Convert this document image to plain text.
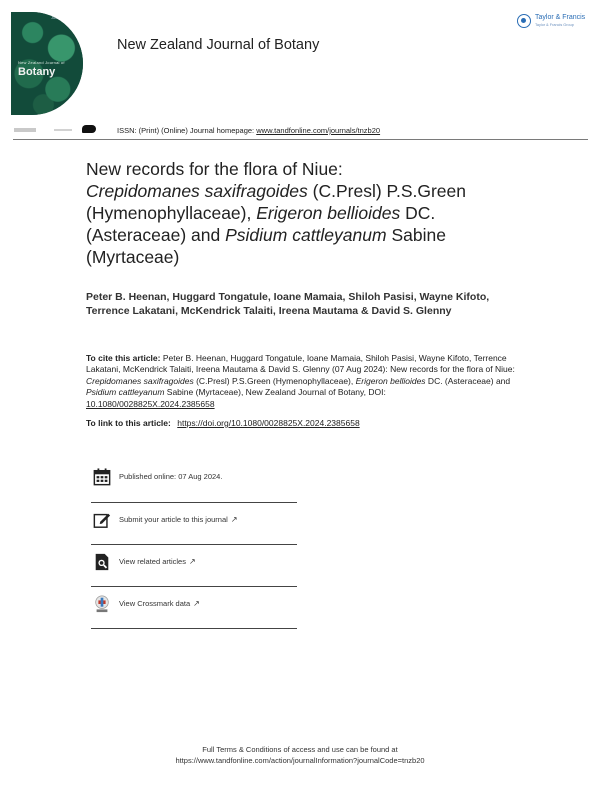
Journal
New Zealand Journal of
Botany
New Zealand Journal of Botany
Taylor & Francis
Taylor & Francis Group
ISSN: (Print) (Online) Journal homepage: www.tandfonline.com/journals/tnzb20
New records for the flora of Niue:
Crepidomanes saxifragoides (C.Presl) P.S.Green (Hymenophyllaceae), Erigeron bellioides DC. (Asteraceae) and Psidium cattleyanum Sabine (Myrtaceae)

Peter B. Heenan, Huggard Tongatule, Ioane Mamaia, Shiloh Pasisi, Wayne Kifoto, Terrence Lakatani, McKendrick Talaiti, Ireena Mautama & David S. Glenny

To cite this article: Peter B. Heenan, Huggard Tongatule, Ioane Mamaia, Shiloh Pasisi, Wayne Kifoto, Terrence Lakatani, McKendrick Talaiti, Ireena Mautama & David S. Glenny (07 Aug 2024): New records for the flora of Niue: Crepidomanes saxifragoides (C.Presl) P.S.Green (Hymenophyllaceae), Erigeron bellioides DC. (Asteraceae) and Psidium cattleyanum Sabine (Myrtaceae), New Zealand Journal of Botany, DOI: 10.1080/0028825X.2024.2385658

To link to this article: https://doi.org/10.1080/0028825X.2024.2385658
Published online: 07 Aug 2024.
Submit your article to this journal ↗
View related articles ↗
View Crossmark data ↗
Full Terms & Conditions of access and use can be found at
https://www.tandfonline.com/action/journalInformation?journalCode=tnzb20
